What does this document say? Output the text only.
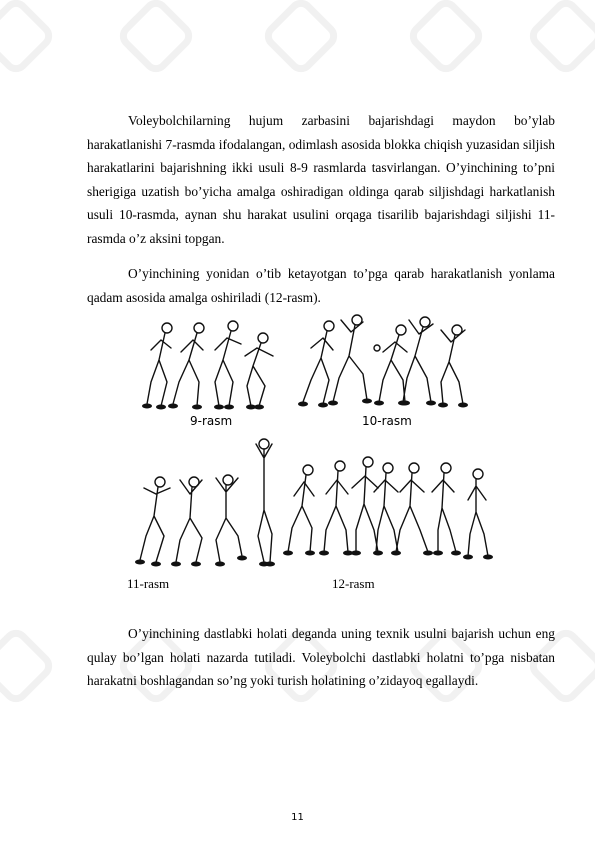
Voleybolchilarning hujum zarbasini bajarishdagi maydon bo’ylab harakatlanishi 7-rasmda ifodalangan, odimlash asosida blokka chiqish yuzasidan siljish harakatlarini bajarishning ikki usuli 8-9 rasmlarda tasvirlangan. O’yinchining to’pni sherigiga uzatish bo’yicha amalga oshiradigan oldinga qarab siljishdagi harkatlanish usuli 10-rasmda, aynan shu harakat usulini orqaga tisarilib bajarishdagi siljishi 11-rasmda o’z aksini topgan.

O’yinchining yonidan o’tib ketayotgan to’pga qarab harakatlanish yonlama qadam asosida amalga oshiriladi (12-rasm).

9-rasm	10-rasm
11-rasm	12-rasm

O’yinchining dastlabki holati deganda uning texnik usulni bajarish uchun eng qulay bo’lgan holati nazarda tutiladi. Voleybolchi dastlabki holatni to’pga nisbatan harakatni boshlagandan so’ng yoki turish holatining o’zidayoq egallaydi.

11
